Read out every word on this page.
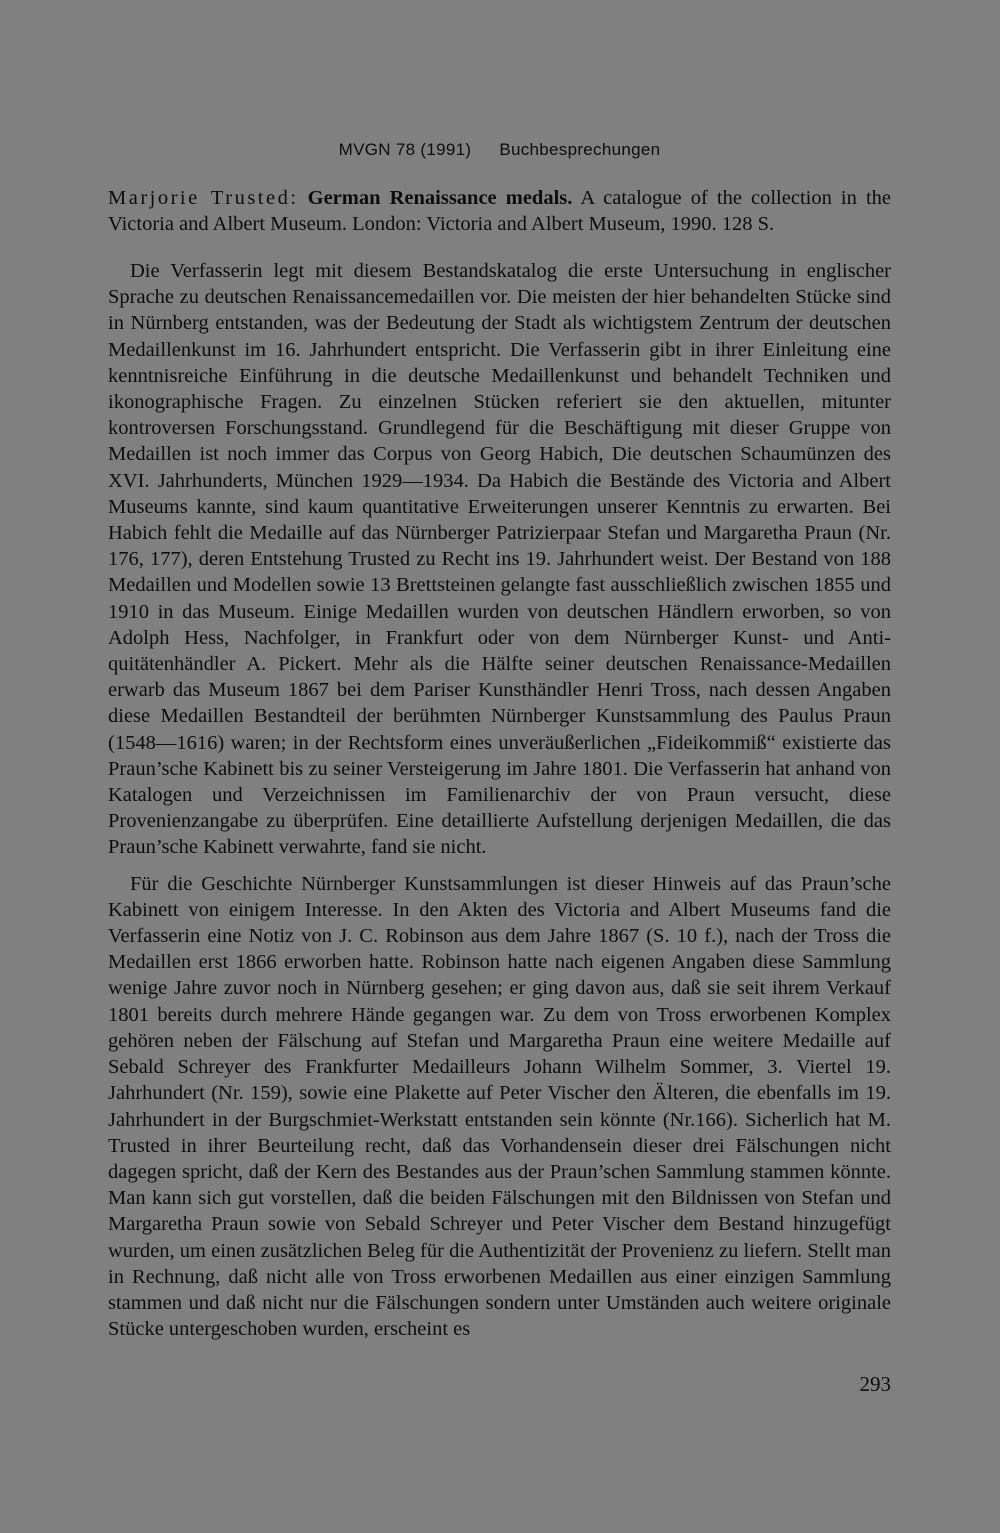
MVGN 78 (1991) Buchbesprechungen
Marjorie Trusted: German Renaissance medals. A catalogue of the collection in the Victoria and Albert Museum. London: Victoria and Albert Museum, 1990. 128 S.

Die Verfasserin legt mit diesem Bestandskatalog die erste Untersuchung in englischer Sprache zu deutschen Renaissancemedaillen vor. Die meisten der hier behandelten Stücke sind in Nürnberg entstanden, was der Bedeutung der Stadt als wichtigstem Zentrum der deutschen Medaillenkunst im 16. Jahrhundert entspricht. Die Verfasserin gibt in ihrer Einleitung eine kenntnisreiche Einführung in die deutsche Medaillenkunst und behandelt Techniken und ikonographische Fragen. Zu einzelnen Stücken referiert sie den aktuellen, mitunter kontroversen Forschungsstand. Grundlegend für die Beschäftigung mit dieser Gruppe von Medaillen ist noch immer das Corpus von Georg Habich, Die deutschen Schaumünzen des XVI. Jahrhunderts, München 1929—1934. Da Habich die Bestände des Victoria and Albert Museums kannte, sind kaum quantitative Erweiterungen unserer Kenntnis zu erwarten. Bei Habich fehlt die Medaille auf das Nürnberger Patrizierpaar Stefan und Margaretha Praun (Nr. 176, 177), deren Entstehung Trusted zu Recht ins 19. Jahrhundert weist. Der Bestand von 188 Medaillen und Modellen sowie 13 Brettsteinen gelangte fast ausschließlich zwischen 1855 und 1910 in das Museum. Einige Medaillen wurden von deutschen Händlern erworben, so von Adolph Hess, Nachfolger, in Frankfurt oder von dem Nürnberger Kunst- und Antiquitätenhändler A. Pickert. Mehr als die Hälfte seiner deutschen Renaissance-Medaillen erwarb das Museum 1867 bei dem Pariser Kunsthändler Henri Tross, nach dessen Angaben diese Medaillen Bestandteil der berühmten Nürnberger Kunstsammlung des Paulus Praun (1548—1616) waren; in der Rechtsform eines unveräußerlichen „Fideikommiß“ existierte das Praun’sche Kabinett bis zu seiner Versteigerung im Jahre 1801. Die Verfasserin hat anhand von Katalogen und Verzeichnissen im Familienarchiv der von Praun versucht, diese Provenienzangabe zu überprüfen. Eine detaillierte Aufstellung derjenigen Medaillen, die das Praun’sche Kabinett verwahrte, fand sie nicht.

Für die Geschichte Nürnberger Kunstsammlungen ist dieser Hinweis auf das Praun’sche Kabinett von einigem Interesse. In den Akten des Victoria and Albert Museums fand die Verfasserin eine Notiz von J. C. Robinson aus dem Jahre 1867 (S. 10 f.), nach der Tross die Medaillen erst 1866 erworben hatte. Robinson hatte nach eigenen Angaben diese Sammlung wenige Jahre zuvor noch in Nürnberg gesehen; er ging davon aus, daß sie seit ihrem Verkauf 1801 bereits durch mehrere Hände gegangen war. Zu dem von Tross erworbenen Komplex gehören neben der Fälschung auf Stefan und Margaretha Praun eine weitere Medaille auf Sebald Schreyer des Frankfurter Medailleurs Johann Wilhelm Sommer, 3. Viertel 19. Jahrhundert (Nr. 159), sowie eine Plakette auf Peter Vischer den Älteren, die ebenfalls im 19. Jahrhundert in der Burgschmiet-Werkstatt entstanden sein könnte (Nr.166). Sicherlich hat M. Trusted in ihrer Beurteilung recht, daß das Vorhandensein dieser drei Fälschungen nicht dagegen spricht, daß der Kern des Bestandes aus der Praun’schen Sammlung stammen könnte. Man kann sich gut vorstellen, daß die beiden Fälschungen mit den Bildnissen von Stefan und Margaretha Praun sowie von Sebald Schreyer und Peter Vischer dem Bestand hinzugefügt wurden, um einen zusätzlichen Beleg für die Authentizität der Provenienz zu liefern. Stellt man in Rechnung, daß nicht alle von Tross erworbenen Medaillen aus einer einzigen Sammlung stammen und daß nicht nur die Fälschungen sondern unter Umständen auch weitere originale Stücke untergeschoben wurden, erscheint es

293
